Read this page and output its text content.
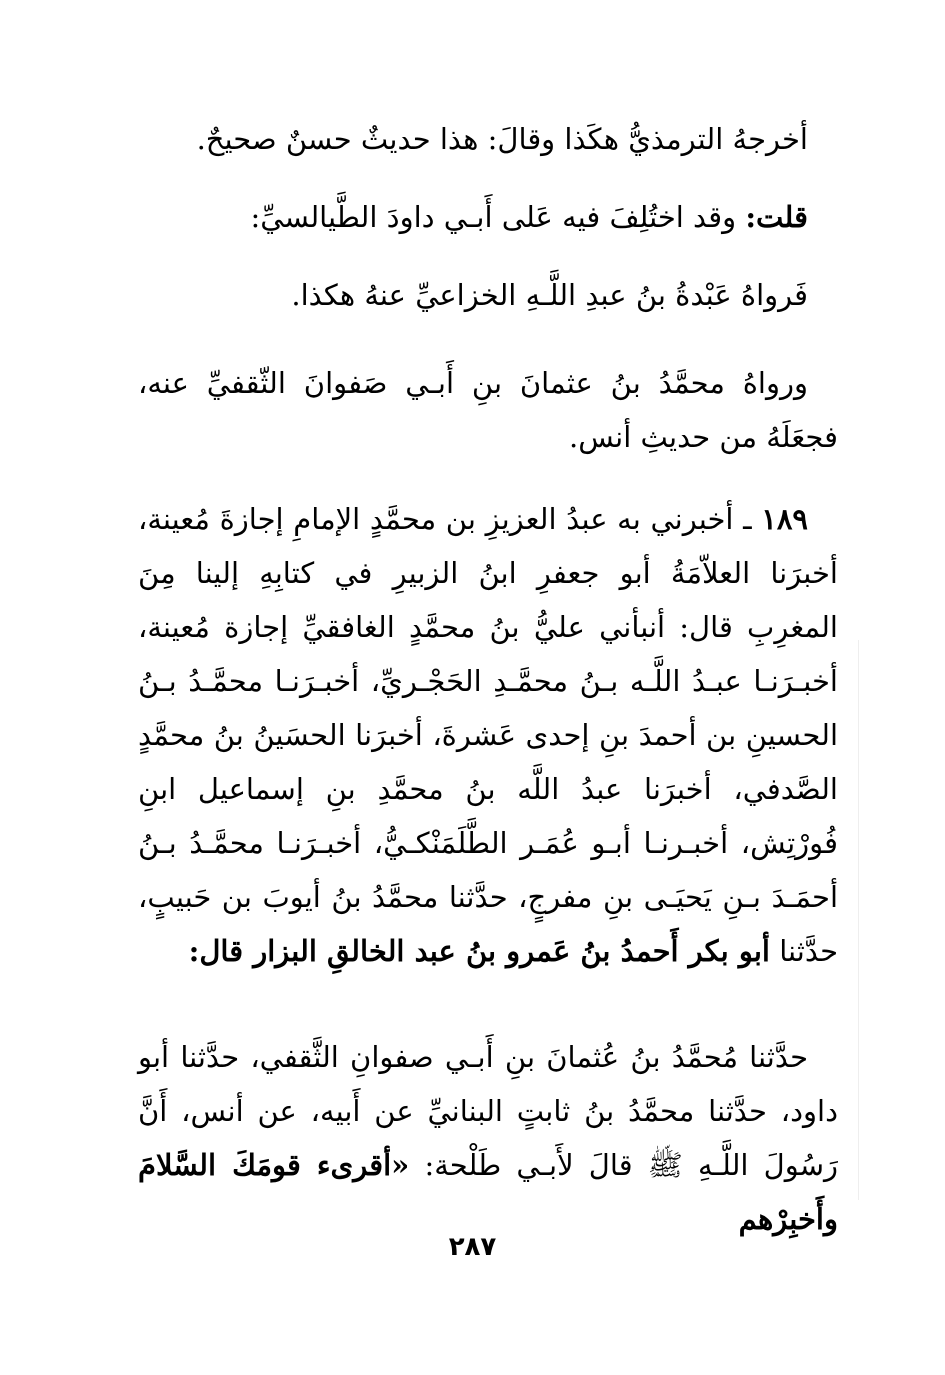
أخرجهُ الترمذيُّ هكَذا وقالَ: هذا حديثٌ حسنٌ صحيحٌ.

قلت: وقد اختُلِفَ فيه عَلى أَبـي داودَ الطَّيالسيِّ:

فَرواهُ عَبْدةُ بنُ عبدِ اللَّـهِ الخزاعيِّ عنهُ هكذا.

ورواهُ محمَّدُ بنُ عثمانَ بنِ أَبـي صَفوانَ الثّقفيِّ عنه، فجعَلَهُ من حديثِ أنس.

١٨٩ ـ أخبرني به عبدُ العزيزِ بن محمَّدٍ الإمامِ إجازةَ مُعينة، أخبرَنا العلاّمَةُ أبو جعفرِ ابنُ الزبيرِ في كتابِهِ إلينا مِنَ المغرِبِ قال: أنبأني عليُّ بنُ محمَّدٍ الغافقيِّ إجازة مُعينة، أخبـرَنـا عبـدُ اللَّـه بـنُ محمَّـدِ الحَجْـريِّ، أخبـرَنـا محمَّـدُ بـنُ الحسينِ بن أحمدَ بنِ إحدى عَشرةَ، أخبرَنا الحسَينُ بنُ محمَّدٍ الصَّدفي، أخبرَنا عبدُ اللَّه بنُ محمَّدِ بنِ إسماعيل ابنِ فُورْتِش، أخبـرنـا أبـو عُمَـر الطَّلَمَنْكـيُّ، أخبـرَنـا محمَّـدُ بـنُ أحمَـدَ بـنِ يَحيَـى بنِ مفرجٍ، حدَّثنا محمَّدُ بنُ أيوبَ بن حَبيبٍ، حدَّثنا أبو بكر أَحمدُ بنُ عَمرو بنُ عبد الخالقِ البزار قال:

حدَّثنا مُحمَّدُ بنُ عُثمانَ بنِ أَبـي صفوانِ الثَّقفي، حدَّثنا أبو داود، حدَّثنا محمَّدُ بنُ ثابتٍ البنانيِّ عن أَبيه، عن أنس، أَنَّ رَسُولَ اللَّـهِ ﷺ قالَ لأَبـي طَلْحة: «أقرىء قومَكَ السَّلامَ وأَخبِرْهم

٢٨٧
